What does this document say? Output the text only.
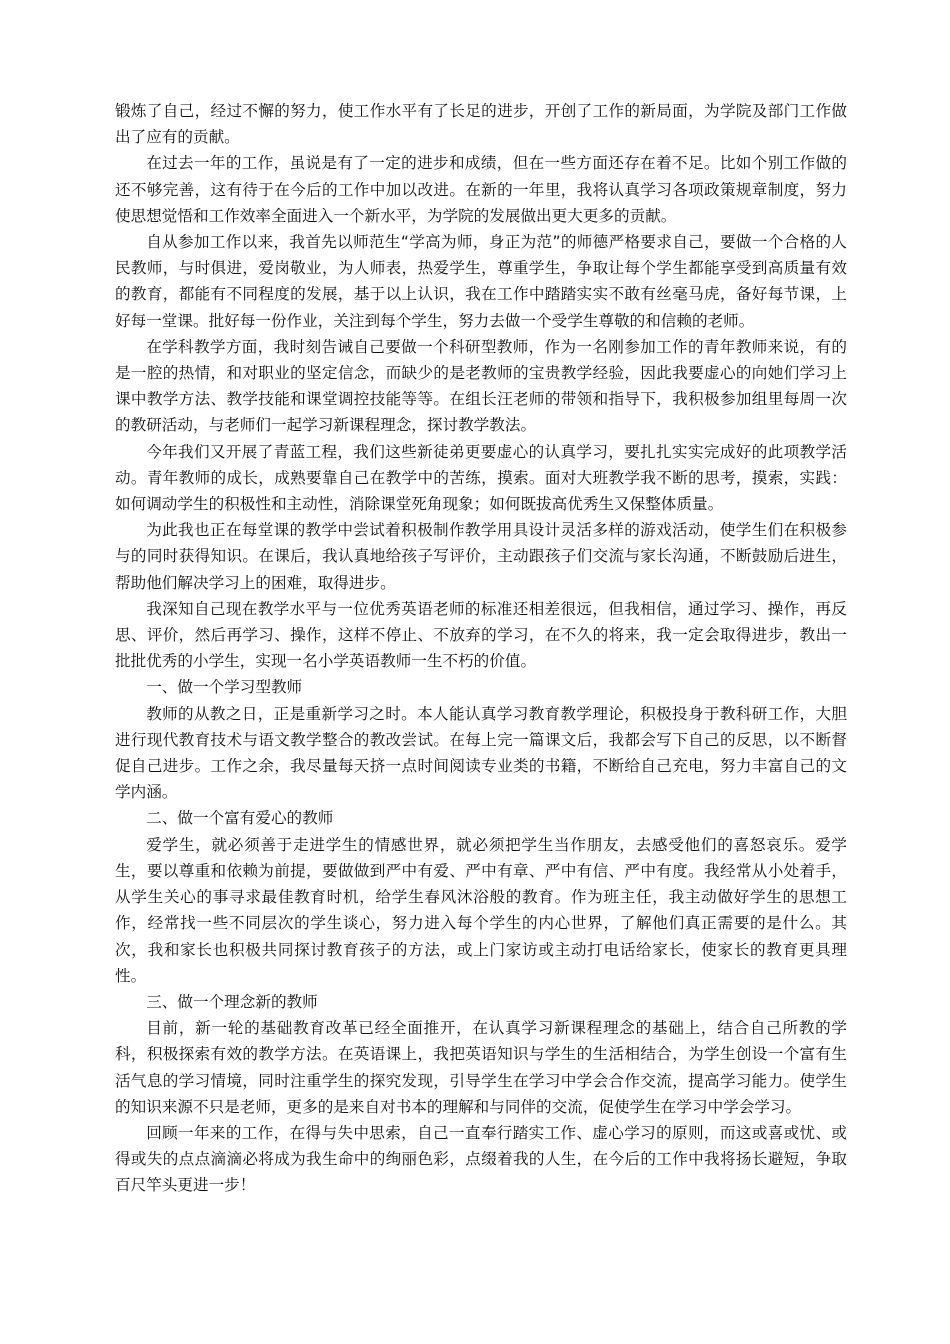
锻炼了自己，经过不懈的努力，使工作水平有了长足的进步，开创了工作的新局面，为学院及部门工作做出了应有的贡献。

在过去一年的工作，虽说是有了一定的进步和成绩，但在一些方面还存在着不足。比如个别工作做的还不够完善，这有待于在今后的工作中加以改进。在新的一年里，我将认真学习各项政策规章制度，努力使思想觉悟和工作效率全面进入一个新水平，为学院的发展做出更大更多的贡献。

自从参加工作以来，我首先以师范生“学高为师，身正为范”的师德严格要求自己，要做一个合格的人民教师，与时俱进，爱岗敬业，为人师表，热爱学生，尊重学生，争取让每个学生都能享受到高质量有效的教育，都能有不同程度的发展，基于以上认识，我在工作中踏踏实实不敢有丝毫马虎，备好每节课，上好每一堂课。批好每一份作业，关注到每个学生，努力去做一个受学生尊敬的和信赖的老师。

在学科教学方面，我时刻告诫自己要做一个科研型教师，作为一名刚参加工作的青年教师来说，有的是一腔的热情，和对职业的坚定信念，而缺少的是老教师的宝贵教学经验，因此我要虚心的向她们学习上课中教学方法、教学技能和课堂调控技能等等。在组长汪老师的带领和指导下，我积极参加组里每周一次的教研活动，与老师们一起学习新课程理念，探讨教学教法。

今年我们又开展了青蓝工程，我们这些新徒弟更要虚心的认真学习，要扎扎实实完成好的此项教学活动。青年教师的成长，成熟要靠自己在教学中的苦练，摸索。面对大班教学我不断的思考，摸索，实践：如何调动学生的积极性和主动性，消除课堂死角现象；如何既拔高优秀生又保整体质量。

为此我也正在每堂课的教学中尝试着积极制作教学用具设计灵活多样的游戏活动，使学生们在积极参与的同时获得知识。在课后，我认真地给孩子写评价，主动跟孩子们交流与家长沟通，不断鼓励后进生，帮助他们解决学习上的困难，取得进步。

我深知自己现在教学水平与一位优秀英语老师的标准还相差很远，但我相信，通过学习、操作，再反思、评价，然后再学习、操作，这样不停止、不放弃的学习，在不久的将来，我一定会取得进步，教出一批批优秀的小学生，实现一名小学英语教师一生不朽的价值。

一、做一个学习型教师

教师的从教之日，正是重新学习之时。本人能认真学习教育教学理论，积极投身于教科研工作，大胆进行现代教育技术与语文教学整合的教改尝试。在每上完一篇课文后，我都会写下自己的反思，以不断督促自己进步。工作之余，我尽量每天挤一点时间阅读专业类的书籍，不断给自己充电，努力丰富自己的文学内涵。

二、做一个富有爱心的教师

爱学生，就必须善于走进学生的情感世界，就必须把学生当作朋友，去感受他们的喜怒哀乐。爱学生，要以尊重和依赖为前提，要做做到严中有爱、严中有章、严中有信、严中有度。我经常从小处着手，从学生关心的事寻求最佳教育时机，给学生春风沐浴般的教育。作为班主任，我主动做好学生的思想工作，经常找一些不同层次的学生谈心，努力进入每个学生的内心世界，了解他们真正需要的是什么。其次，我和家长也积极共同探讨教育孩子的方法，或上门家访或主动打电话给家长，使家长的教育更具理性。

三、做一个理念新的教师

目前，新一轮的基础教育改革已经全面推开，在认真学习新课程理念的基础上，结合自己所教的学科，积极探索有效的教学方法。在英语课上，我把英语知识与学生的生活相结合，为学生创设一个富有生活气息的学习情境，同时注重学生的探究发现，引导学生在学习中学会合作交流，提高学习能力。使学生的知识来源不只是老师，更多的是来自对书本的理解和与同伴的交流，促使学生在学习中学会学习。

回顾一年来的工作，在得与失中思索，自己一直奉行踏实工作、虚心学习的原则，而这或喜或忧、或得或失的点点滴滴必将成为我生命中的绚丽色彩，点缀着我的人生，在今后的工作中我将扬长避短，争取百尺竿头更进一步！
